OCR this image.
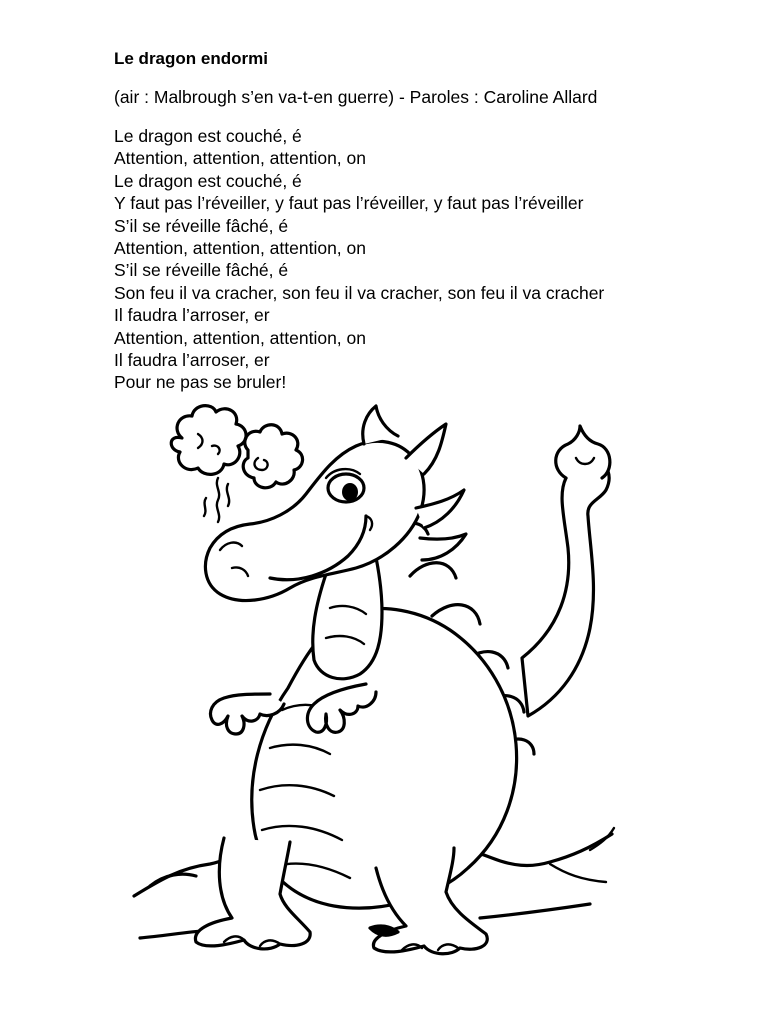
Le dragon endormi
(air : Malbrough s’en va-t-en guerre) - Paroles : Caroline Allard
Le dragon est couché, é
Attention, attention, attention, on
Le dragon est couché, é
Y faut pas l’réveiller, y faut pas l’réveiller, y faut pas l’réveiller
S’il se réveille fâché, é
Attention, attention, attention, on
S’il se réveille fâché, é
Son feu il va cracher, son feu il va cracher, son feu il va cracher
Il faudra l’arroser, er
Attention, attention, attention, on
Il faudra l’arroser, er
Pour ne pas se bruler!
